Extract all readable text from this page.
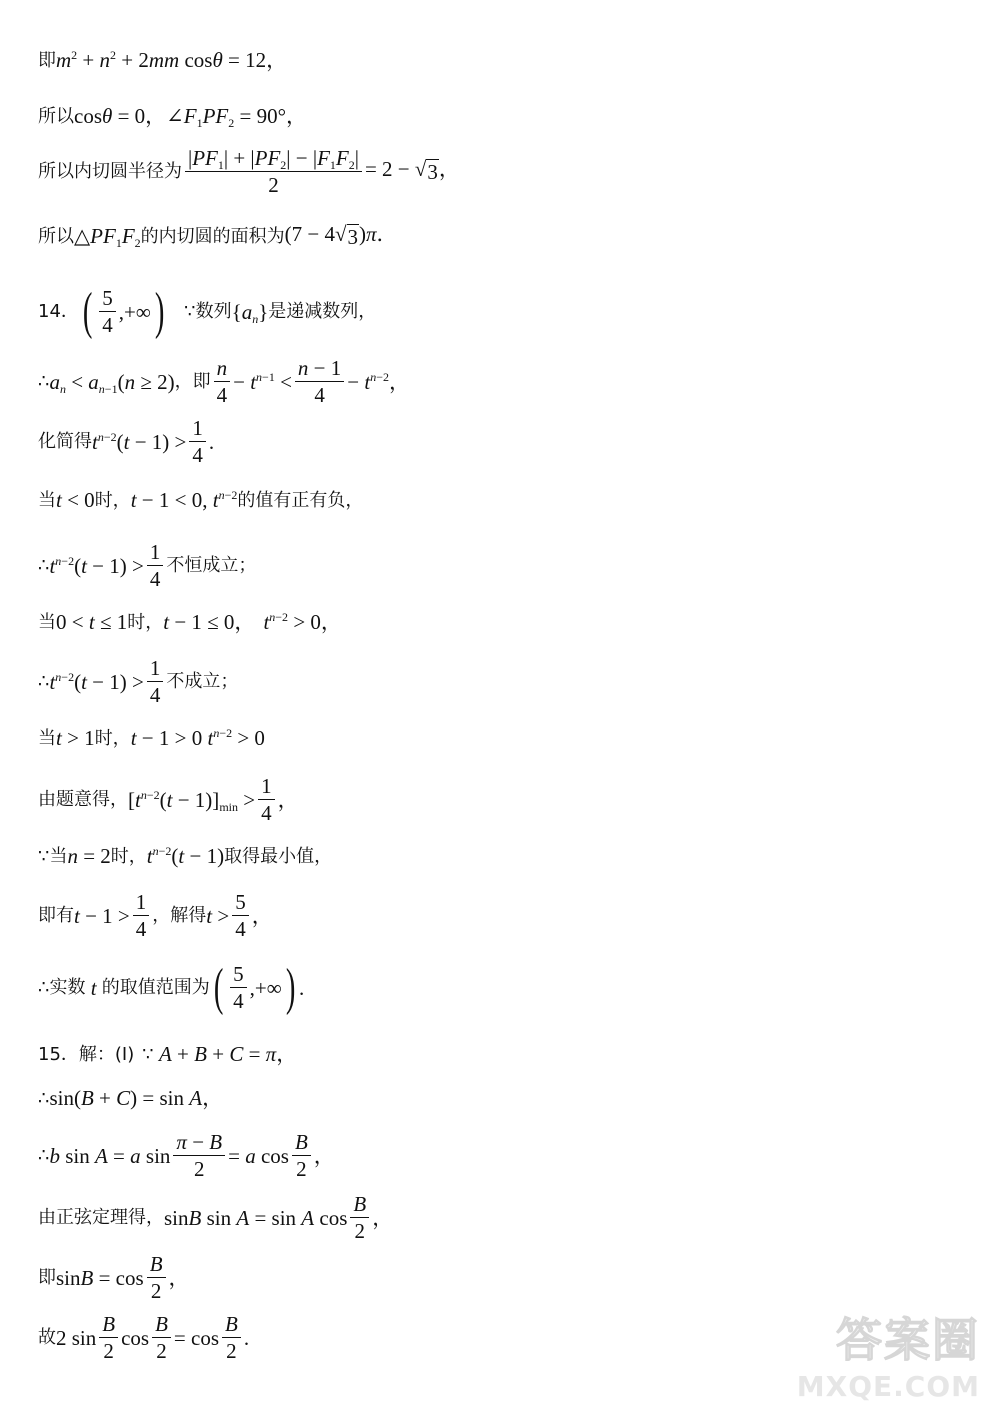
即 $m^2 + n^2 + 2mm$ cosθ = 12，
所以 cosθ = 0，$\angle F_1PF_2 = 90^\circ$，
所以内切圆半径为 $\frac{|PF_1| + |PF_2| - |F_1F_2|}{2} = 2$ − √ 3 ，
所以 $\triangle PF_1F_2$ 的内切圆的面积为 (7 − 4√ 3 )π．
14． ( $\frac{5}{4}$ ,+∞ ) ∵数列 $\{a_n\}$ 是递减数列，
∴ $a_n < a_{n-1}(n \ge 2)$ ，即 $\frac{n}{4} - t^{n-1} < \frac{n - 1}{4} - t^{n-2}$，
化简得 $t^{n-2}(t - 1) > \frac{1}{4}$ .
当 t < 0 时， t − 1 < 0, $t^{n-2}$ 的值有正有负，
∴ $t^{n-2}(t - 1) > \frac{1}{4}$ 不恒成立；
当 0 < t ≤ 1 时， t − 1 ≤ 0， $t^{n-2} > 0$，
∴ $t^{n-2}(t - 1) > \frac{1}{4}$ 不成立；
当 t > 1 时， t − 1 > 0 $t^{n-2} > 0$
由题意得， $[t^{n-2}(t - 1)]_{min} > \frac{1}{4}$ ，
∵当 n = 2 时， $t^{n-2}(t - 1)$ 取得最小值，
即有 $t - 1 > \frac{1}{4}$ ，解得 $t > \frac{5}{4}$ ，
∴实数 t 的取值范围为 ( $\frac{5}{4}$ ,+∞ ) .
15．解： (I) ∵ A + B + C = π，
∴ sin(B + C) = sin A，
∴ b sin A = a $\sin \frac{\pi - B}{2} = a$ $\cos \frac{B}{2}$ ，
由正弦定理得， sinB sin A = sin A $\cos \frac{B}{2}$ ，
即 $\sin B = \cos \frac{B}{2}$ ，
故 2 $\sin \frac{B}{2}$ $\cos \frac{B}{2} = \cos \frac{B}{2}$ .	答案圈
MXQE.COM
